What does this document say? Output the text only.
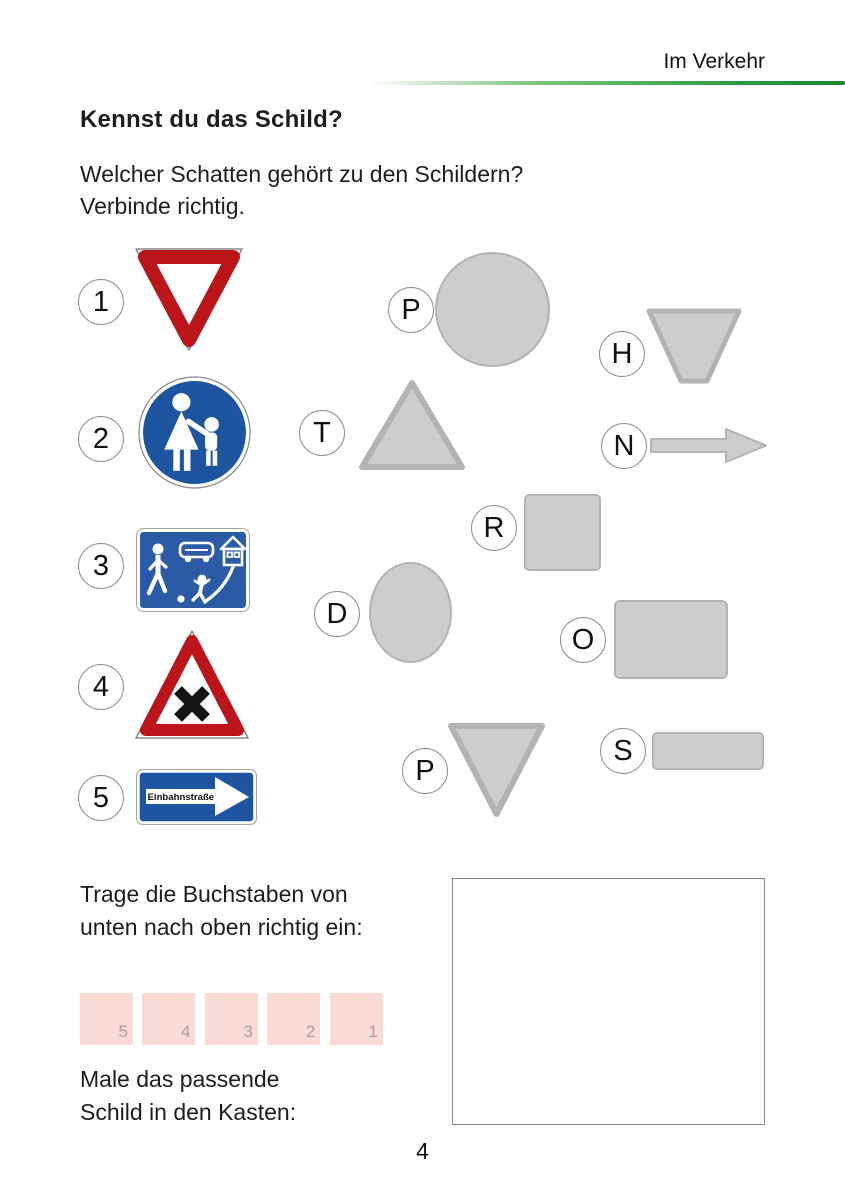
Im Verkehr
Kennst du das Schild?
Welcher Schatten gehört zu den Schildern?
Verbinde richtig.
1
2
3
4
5	Einbahnstraße
P
H
T	N
R
D
O
P
S
Trage die Buchstaben von
unten nach oben richtig ein:
5
	4
	3
	2
	1
Male das passende
Schild in den Kasten:
4
